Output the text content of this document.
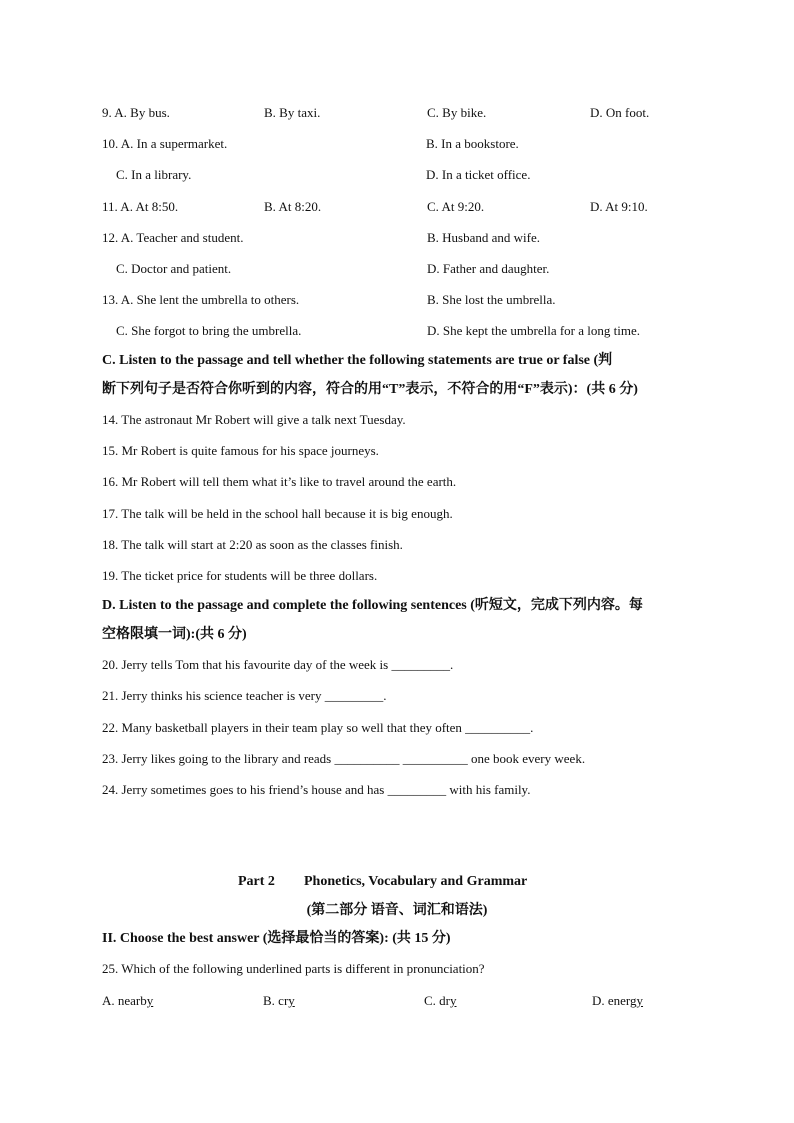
9. A. By bus.	B. By taxi.	C. By bike.	D. On foot.
10. A. In a supermarket.	B. In a bookstore.
C. In a library.	D. In a ticket office.
11. A. At 8:50.	B. At 8:20.	C. At 9:20.	D. At 9:10.
12. A. Teacher and student.	B. Husband and wife.
C. Doctor and patient.	D. Father and daughter.
13. A. She lent the umbrella to others.	B. She lost the umbrella.
C. She forgot to bring the umbrella.	D. She kept the umbrella for a long time.
C. Listen to the passage and tell whether the following statements are true or false (判
断下列句子是否符合你听到的内容，符合的用“T”表示，不符合的用“F”表示)：(共 6 分)
14. The astronaut Mr Robert will give a talk next Tuesday.
15. Mr Robert is quite famous for his space journeys.
16. Mr Robert will tell them what it’s like to travel around the earth.
17. The talk will be held in the school hall because it is big enough.
18. The talk will start at 2:20 as soon as the classes finish.
19. The ticket price for students will be three dollars.
D. Listen to the passage and complete the following sentences (听短文，完成下列内容。每
空格限填一词):(共 6 分)
20. Jerry tells Tom that his favourite day of the week is _________.
21. Jerry thinks his science teacher is very _________.
22. Many basketball players in their team play so well that they often __________.
23. Jerry likes going to the library and reads __________ __________ one book every week.
24. Jerry sometimes goes to his friend’s house and has _________ with his family.
Part 2 Phonetics, Vocabulary and Grammar
(第二部分 语音、词汇和语法)
II. Choose the best answer (选择最恰当的答案): (共 15 分)
25. Which of the following underlined parts is different in pronunciation?
A. nearby	B. cry	C. dry	D. energy
